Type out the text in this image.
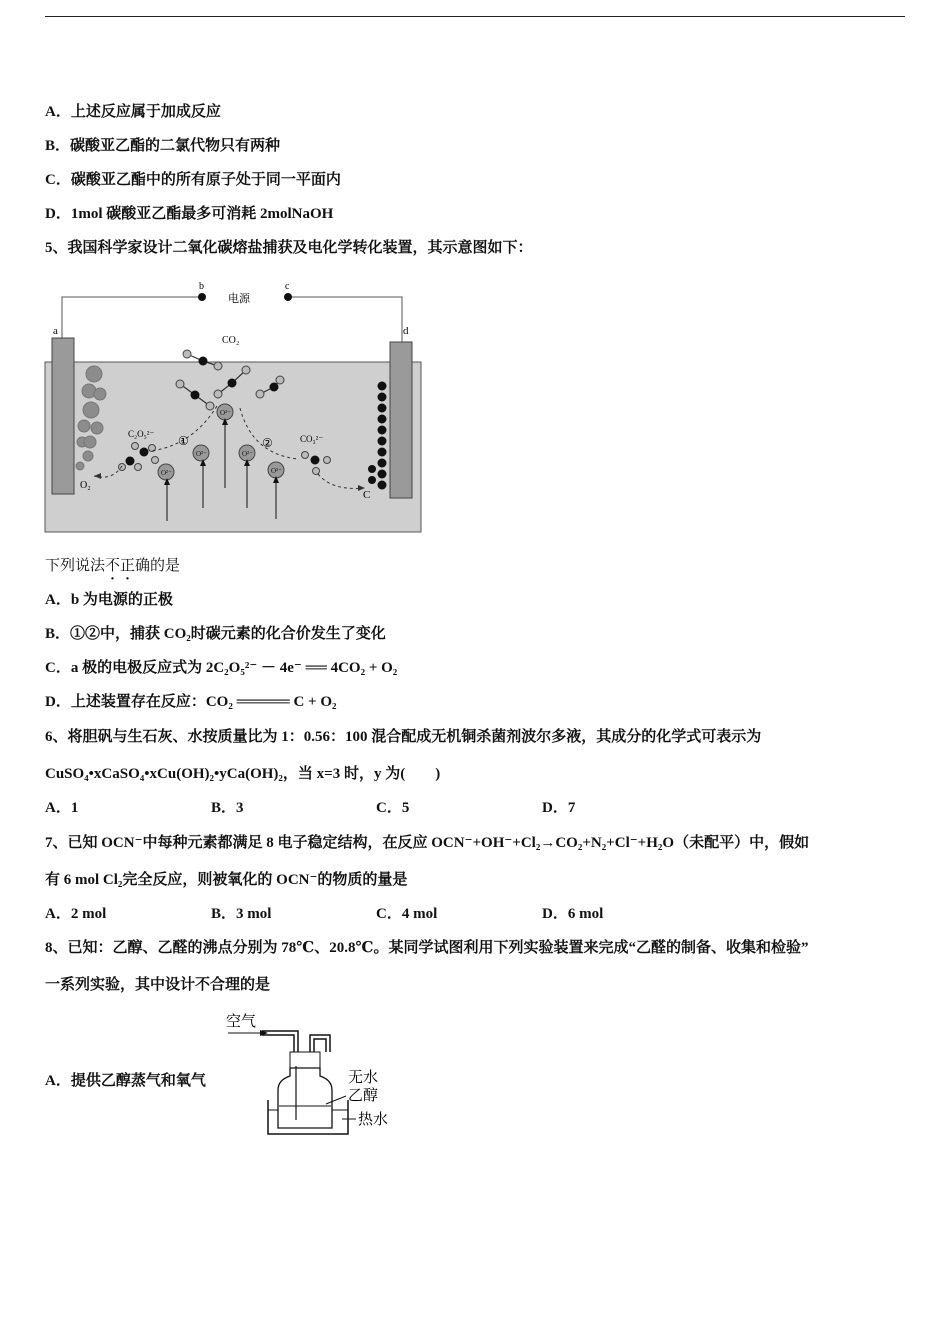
A．上述反应属于加成反应
B．碳酸亚乙酯的二氯代物只有两种
C．碳酸亚乙酯中的所有原子处于同一平面内
D．1mol 碳酸亚乙酯最多可消耗 2molNaOH
5、我国科学家设计二氧化碳熔盐捕获及电化学转化装置，其示意图如下：
b	c
电源
a	d
C
CO₂
O²⁻
O²⁻
O²⁻
O²⁻
O²⁻
C₂O₅²⁻	CO₃²⁻
①	②
O₂
下列说法不正确的是
A．b 为电源的正极
B．①②中，捕获 CO₂时碳元素的化合价发生了变化
C．a 极的电极反应式为 2C₂O₅²⁻ － 4e⁻ ══ 4CO₂ + O₂
D．上述装置存在反应：CO₂ ═════ C + O₂
6、将胆矾与生石灰、水按质量比为 1：0.56：100 混合配成无机铜杀菌剂波尔多液，其成分的化学式可表示为
CuSO₄•xCaSO₄•xCu(OH)₂•yCa(OH)₂，当 x=3 时，y 为(　　)
A．1	B．3	C．5	D．7
7、已知 OCN⁻中每种元素都满足 8 电子稳定结构，在反应 OCN⁻+OH⁻+Cl₂→CO₂+N₂+Cl⁻+H₂O（未配平）中，假如
有 6 mol Cl₂完全反应，则被氧化的 OCN⁻的物质的量是
A．2 mol	B．3 mol	C．4 mol	D．6 mol
8、已知：乙醇、乙醛的沸点分别为 78℃、20.8℃。某同学试图利用下列实验装置来完成“乙醛的制备、收集和检验”
一系列实验，其中设计不合理的是
A．提供乙醇蒸气和氧气
空气
无水
乙醇
热水
